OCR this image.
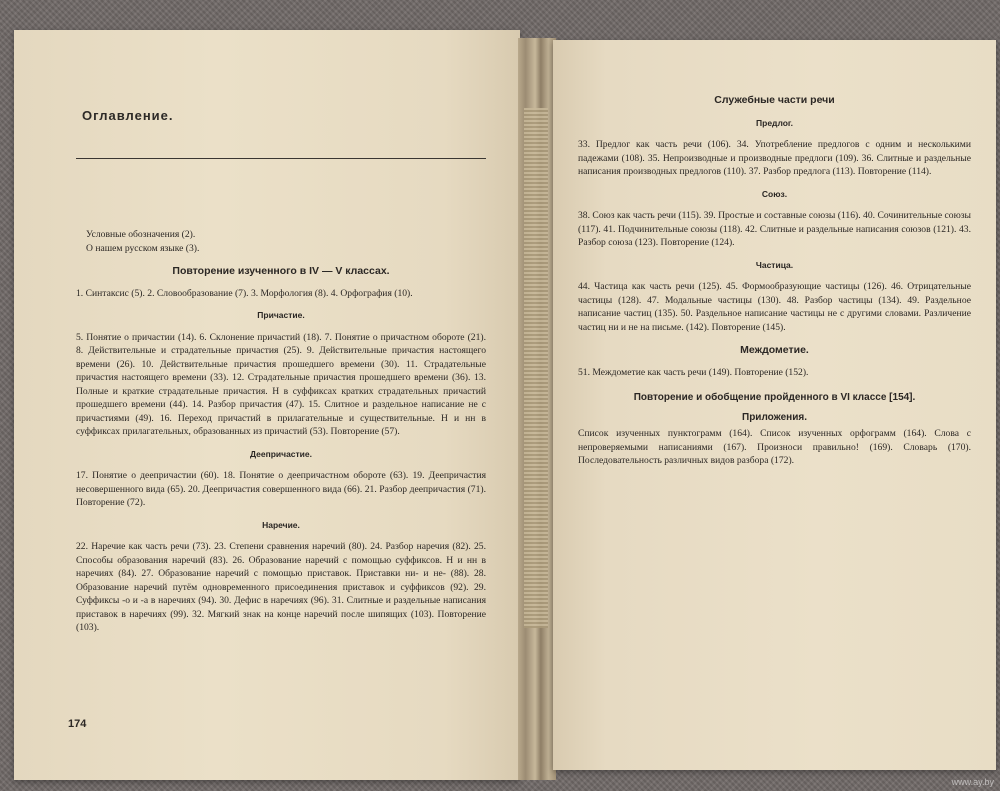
Оглавление.
Условные обозначения (2).
О нашем русском языке (3).
Повторение изученного в IV — V классах.

1. Синтаксис (5). 2. Словообразование (7). 3. Морфология (8). 4. Орфография (10).

Причастие.

5. Понятие о причастии (14). 6. Склонение причастий (18). 7. Понятие о причастном обороте (21). 8. Действительные и страдательные причастия (25). 9. Действительные причастия настоящего времени (26). 10. Действительные причастия прошедшего времени (30). 11. Страдательные причастия настоящего времени (33). 12. Страдательные причастия прошедшего времени (36). 13. Полные и краткие страдательные причастия. Н в суффиксах кратких страдательных причастий прошедшего времени (44). 14. Разбор причастия (47). 15. Слитное и раздельное написание не с причастиями (49). 16. Переход причастий в прилагательные и существительные. Н и нн в суффиксах прилагательных, образованных из причастий (53). Повторение (57).

Деепричастие.

17. Понятие о деепричастии (60). 18. Понятие о деепричастном обороте (63). 19. Деепричастия несовершенного вида (65). 20. Деепричастия совершенного вида (66). 21. Разбор деепричастия (71). Повторение (72).

Наречие.

22. Наречие как часть речи (73). 23. Степени сравнения наречий (80). 24. Разбор наречия (82). 25. Способы образования наречий (83). 26. Образование наречий с помощью суффиксов. Н и нн в наречиях (84). 27. Образование наречий с помощью приставок. Приставки ни- и не- (88). 28. Образование наречий путём одновременного присоединения приставок и суффиксов (92). 29. Суффиксы -о и -а в наречиях (94). 30. Дефис в наречиях (96). 31. Слитные и раздельные написания приставок в наречиях (99). 32. Мягкий знак на конце наречий после шипящих (103). Повторение (103).

174
Служебные части речи
Предлог.

33. Предлог как часть речи (106). 34. Употребление предлогов с одним и несколькими падежами (108). 35. Непроизводные и производные предлоги (109). 36. Слитные и раздельные написания производных предлогов (110). 37. Разбор предлога (113). Повторение (114).

Союз.

38. Союз как часть речи (115). 39. Простые и составные союзы (116). 40. Сочинительные союзы (117). 41. Подчинительные союзы (118). 42. Слитные и раздельные написания союзов (121). 43. Разбор союза (123). Повторение (124).

Частица.

44. Частица как часть речи (125). 45. Формообразующие частицы (126). 46. Отрицательные частицы (128). 47. Модальные частицы (130). 48. Разбор частицы (134). 49. Раздельное написание частиц (135). 50. Раздельное написание частицы не с другими словами. Различение частиц ни и не на письме. (142). Повторение (145).

Междометие.

51. Междометие как часть речи (149). Повторение (152).

Повторение и обобщение пройденного в VI классе [154].
Приложения.

Список изученных пунктограмм (164). Список изученных орфограмм (164). Слова с непроверяемыми написаниями (167). Произноси правильно! (169). Словарь (170). Последовательность различных видов разбора (172).

www.ay.by
